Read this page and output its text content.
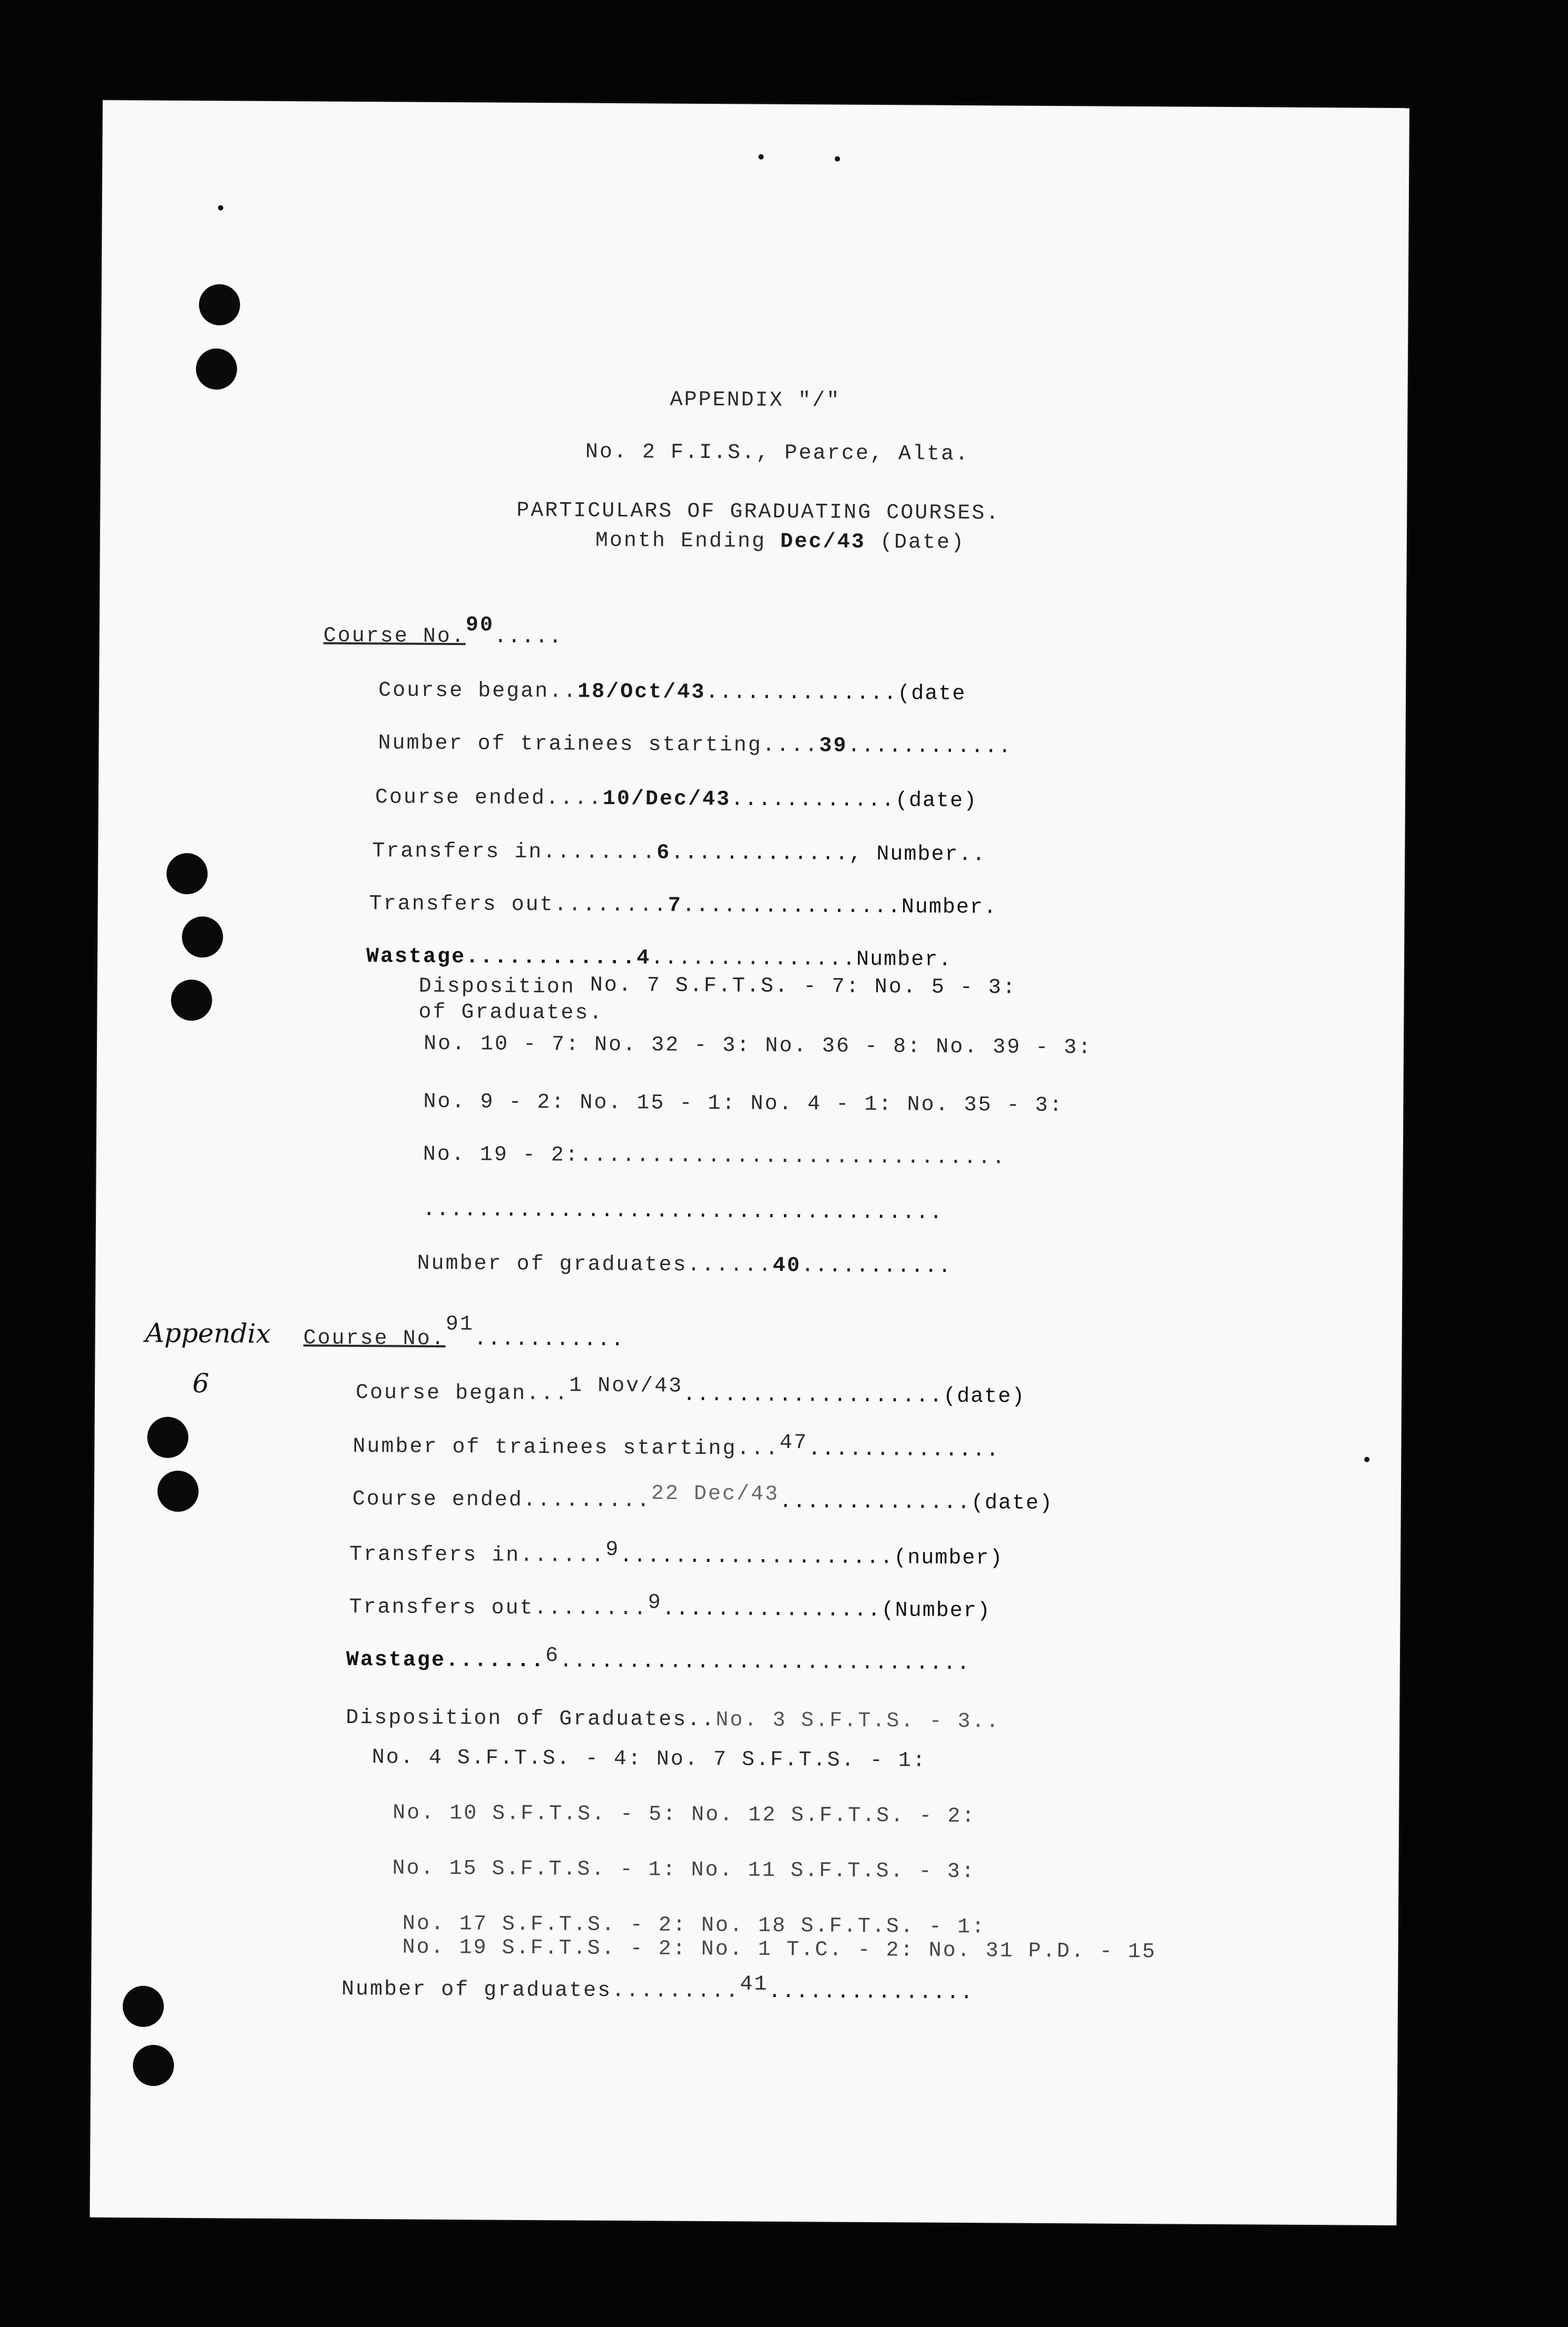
APPENDIX "/"
No. 2 F.I.S., Pearce, Alta.
PARTICULARS OF GRADUATING COURSES.
Month Ending Dec/43 (Date)
Course No.90.....
Course began..18/Oct/43..............(date
Number of trainees starting....39............
Course ended....10/Dec/43............(date)
Transfers in........6............., Number..
Transfers out........7................Number.
Wastage............4...............Number.
Disposition
of Graduates.
No. 7 S.F.T.S. - 7: No. 5 - 3:
No. 10 - 7: No. 32 - 3: No. 36 - 8: No. 39 - 3:
No. 9 - 2: No. 15 - 1: No. 4 - 1: No. 35 - 3:
No. 19 - 2:..............................
......................................
Number of graduates......40...........
Appendix
6
Course No.91...........
Course began...1 Nov/43...................(date)
Number of trainees starting...47..............
Course ended.........22 Dec/43..............(date)
Transfers in......9....................(number)
Transfers out........9................(Number)
Wastage.......6..............................
Disposition of Graduates..No. 3 S.F.T.S. - 3..
No. 4 S.F.T.S. - 4: No. 7 S.F.T.S. - 1:
No. 10 S.F.T.S. - 5: No. 12 S.F.T.S. - 2:
No. 15 S.F.T.S. - 1: No. 11 S.F.T.S. - 3:
No. 17 S.F.T.S. - 2: No. 18 S.F.T.S. - 1:
No. 19 S.F.T.S. - 2: No. 1 T.C. - 2: No. 31 P.D. - 15
Number of graduates.........41...............
